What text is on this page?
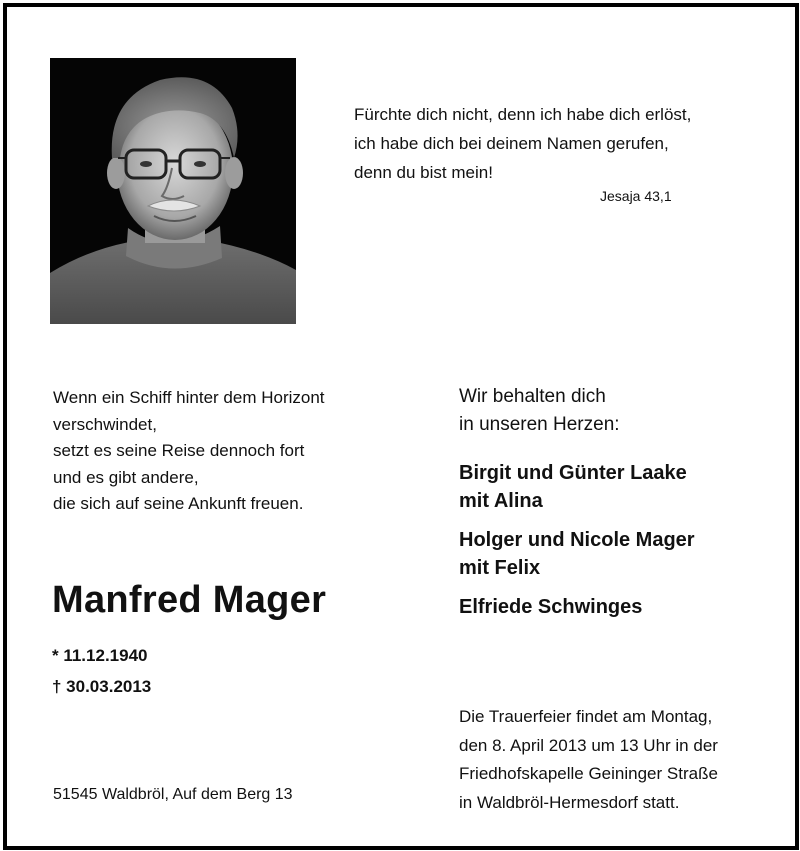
Fürchte dich nicht, denn ich habe dich erlöst,
ich habe dich bei deinem Namen gerufen,
denn du bist mein!
Jesaja 43,1
Wenn ein Schiff hinter dem Horizont
verschwindet,
setzt es seine Reise dennoch fort
und es gibt andere,
die sich auf seine Ankunft freuen.
Wir behalten dich
in unseren Herzen:
Birgit und Günter Laake
mit Alina
Holger und Nicole Mager
mit Felix
Elfriede Schwinges
Manfred Mager
* 11.12.1940
† 30.03.2013
51545 Waldbröl, Auf dem Berg 13
Die Trauerfeier findet am Montag,
den 8. April 2013 um 13 Uhr in der
Friedhofskapelle Geininger Straße
in Waldbröl-Hermesdorf statt.
